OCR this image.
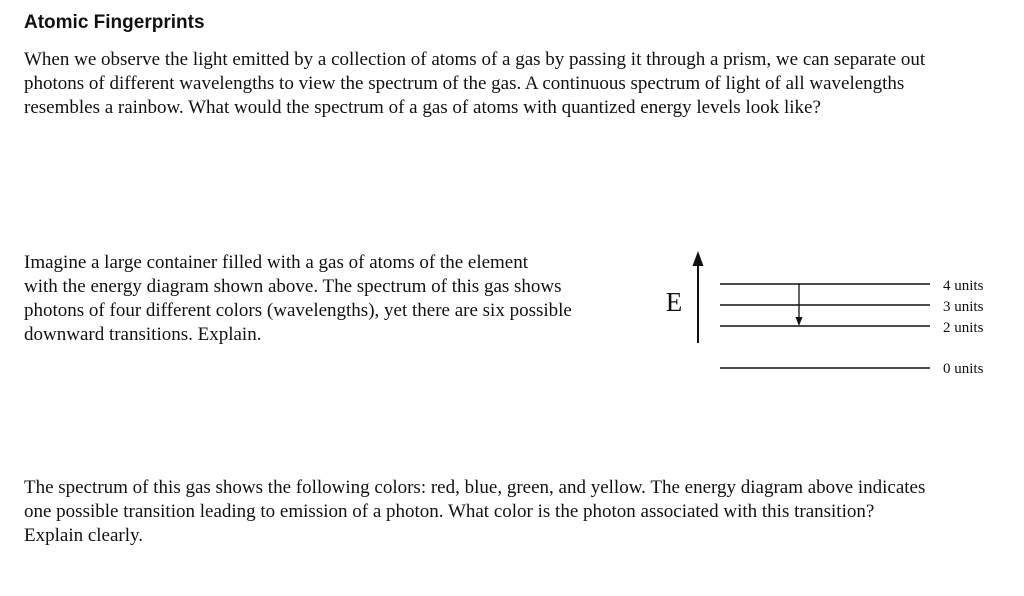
Atomic Fingerprints

When we observe the light emitted by a collection of atoms of a gas by passing it through a prism, we can separate out
photons of different wavelengths to view the spectrum of the gas. A continuous spectrum of light of all wavelengths
resembles a rainbow. What would the spectrum of a gas of atoms with quantized energy levels look like?

Imagine a large container filled with a gas of atoms of the element
with the energy diagram shown above. The spectrum of this gas shows
photons of four different colors (wavelengths), yet there are six possible
downward transitions. Explain.

E
4 units
3 units
2 units
0 units

The spectrum of this gas shows the following colors: red, blue, green, and yellow. The energy diagram above indicates
one possible transition leading to emission of a photon. What color is the photon associated with this transition?
Explain clearly.
